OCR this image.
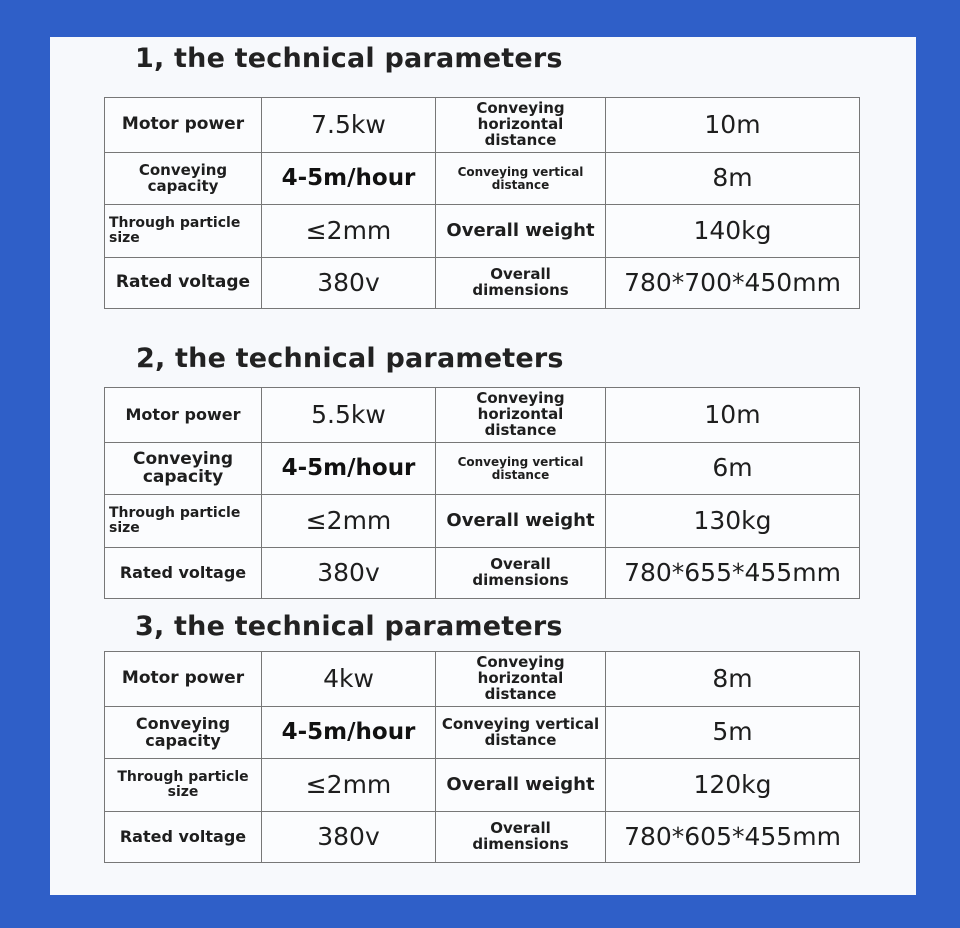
1, the technical parameters
Motor power	7.5kw	Conveying horizontal distance	10m
Conveying capacity	4-5m/hour	Conveying vertical distance	8m
Through particle size	≤2mm	Overall weight	140kg
Rated voltage	380v	Overall dimensions	780*700*450mm
2, the technical parameters
Motor power	5.5kw	Conveying horizontal distance	10m
Conveying capacity	4-5m/hour	Conveying vertical distance	6m
Through particle size	≤2mm	Overall weight	130kg
Rated voltage	380v	Overall dimensions	780*655*455mm
3, the technical parameters
Motor power	4kw	Conveying horizontal distance	8m
Conveying capacity	4-5m/hour	Conveying vertical distance	5m
Through particle size	≤2mm	Overall weight	120kg
Rated voltage	380v	Overall dimensions	780*605*455mm
